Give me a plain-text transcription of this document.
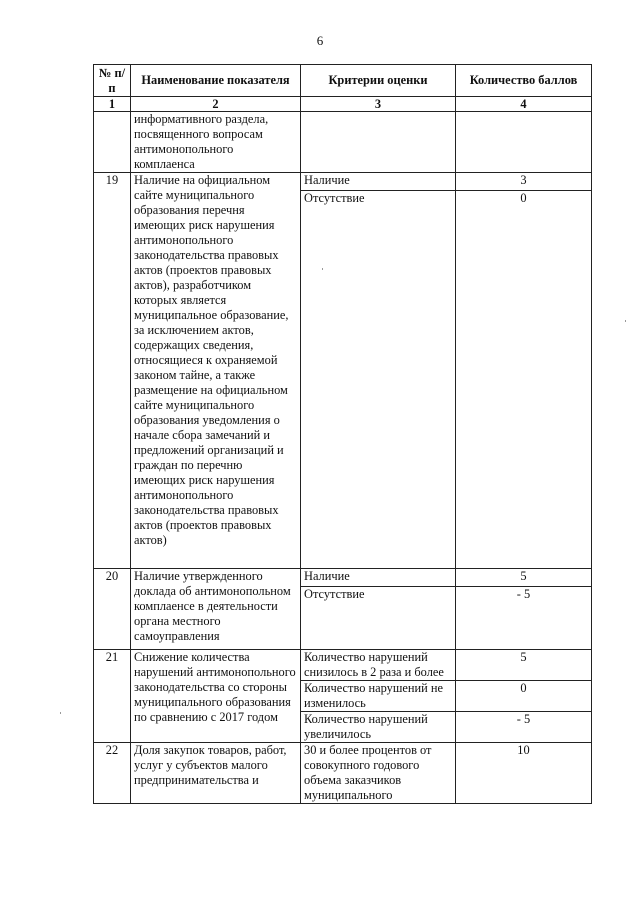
6
№ п/п	Наименование показателя	Критерии оценки	Количество баллов
1	2	3	4
	информативного раздела, посвященного вопросам антимонопольного комплаенса		
19	Наличие на официальном сайте муниципального образования перечня имеющих риск нарушения антимонопольного законодательства правовых актов (проектов правовых актов), разработчиком которых является муниципальное образование, за исключением актов, содержащих сведения, относящиеся к охраняемой законом тайне, а также размещение на официальном сайте муниципального образования уведомления о начале сбора замечаний и предложений организаций и граждан по перечню имеющих риск нарушения антимонопольного законодательства правовых актов (проектов правовых актов)	Наличие	3
		Отсутствие	0
20	Наличие утвержденного доклада об антимонопольном комплаенсе в деятельности органа местного самоуправления	Наличие	5
		Отсутствие	- 5
21	Снижение количества нарушений антимонопольного законодательства со стороны муниципального образования по сравнению с 2017 годом	Количество нарушений снизилось в 2 раза и более	5
		Количество нарушений не изменилось	0
		Количество нарушений увеличилось	- 5
22	Доля закупок товаров, работ, услуг у субъектов малого предпринимательства и	30 и более процентов от совокупного годового объема заказчиков муниципального	10
